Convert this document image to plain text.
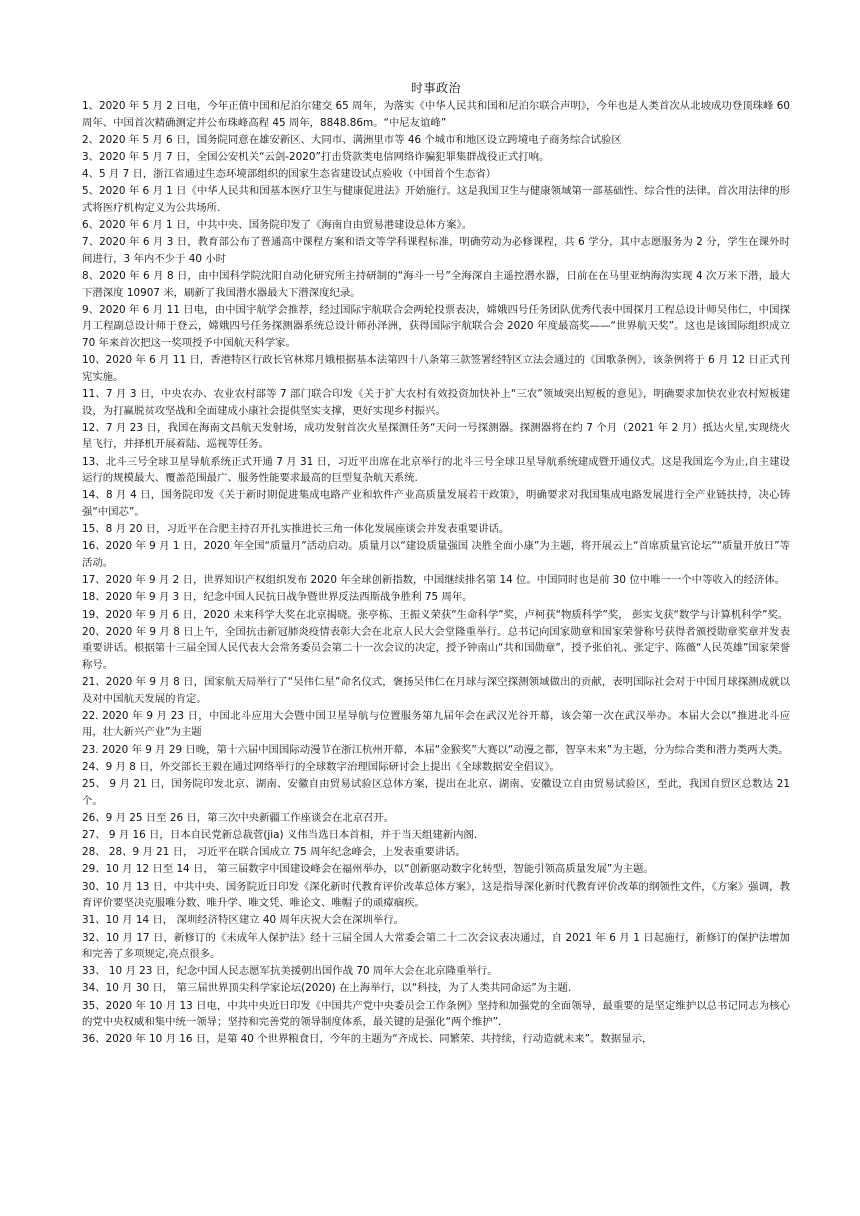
时事政治

1、2020 年 5 月 2 日电，今年正值中国和尼泊尔建交 65 周年，为落实《中华人民共和国和尼泊尔联合声明》，今年也是人类首次从北坡成功登顶珠峰 60 周年、中国首次精确测定并公布珠峰高程 45 周年，8848.86m。“中尼友谊峰”

2、2020 年 5 月 6 日，国务院同意在雄安新区、大同市、满洲里市等 46 个城市和地区设立跨境电子商务综合试验区

3、2020 年 5 月 7 日，全国公安机关“云剑-2020”打击贷款类电信网络诈骗犯罪集群战役正式打响。

4、5 月 7 日，浙江省通过生态环境部组织的国家生态省建设试点验收（中国首个生态省）

5、2020 年 6 月 1 日《中华人民共和国基本医疗卫生与健康促进法》开始施行。这是我国卫生与健康领域第一部基础性、综合性的法律。首次用法律的形式将医疗机构定义为公共场所.

6、2020 年 6 月 1 日，中共中央、国务院印发了《海南自由贸易港建设总体方案》。

7、2020 年 6 月 3 日，教育部公布了普通高中课程方案和语文等学科课程标准，明确劳动为必修课程，共 6 学分，其中志愿服务为 2 分，学生在课外时间进行，3 年内不少于 40 小时

8、2020 年 6 月 8 日，由中国科学院沈阳自动化研究所主持研制的“海斗一号”全海深自主遥控潜水器，日前在在马里亚纳海沟实现 4 次万米下潜，最大下潜深度 10907 米，刷新了我国潜水器最大下潜深度纪录。

9、2020 年 6 月 11 日电，由中国宇航学会推荐，经过国际宇航联合会两轮投票表决，嫦娥四号任务团队优秀代表中国探月工程总设计师吴伟仁，中国探月工程副总设计师于登云，嫦娥四号任务探测器系统总设计师孙泽洲，获得国际宇航联合会 2020 年度最高奖——“世界航天奖”。这也是该国际组织成立 70 年来首次把这一奖项授予中国航天科学家。

10、2020 年 6 月 11 日，香港特区行政长官林郑月娥根据基本法第四十八条第三款签署经特区立法会通过的《国歌条例》，该条例将于 6 月 12 日正式刊宪实施。

11、7 月 3 日，中央农办、农业农村部等 7 部门联合印发《关于扩大农村有效投资加快补上“三农”领域突出短板的意见》，明确要求加快农业农村短板建设，为打赢脱贫攻坚战和全面建成小康社会提供坚实支撑，更好实现乡村振兴。

12、7 月 23 日，我国在海南文昌航天发射场，成功发射首次火星探测任务“天问一号探测器。探测器将在约 7 个月（2021 年 2 月）抵达火星,实现绕火星飞行，并择机开展着陆、巡视等任务。

13、北斗三号全球卫星导航系统正式开通 7 月 31 日，习近平出席在北京举行的北斗三号全球卫星导航系统建成暨开通仪式。这是我国迄今为止,自主建设运行的规模最大、覆盖范围最广、服务性能要求最高的巨型复杂航天系统.

14、8 月 4 日，国务院印发《关于新时期促进集成电路产业和软件产业高质量发展若干政策》，明确要求对我国集成电路发展进行全产业链扶持，决心铸强“中国芯”。

15、8 月 20 日，习近平在合肥主持召开扎实推进长三角一体化发展座谈会并发表重要讲话。

16、2020 年 9 月 1 日，2020 年全国“质量月”活动启动。质量月以“建设质量强国 决胜全面小康”为主题，将开展云上“首席质量官论坛”“质量开放日”等活动。

17、2020 年 9 月 2 日，世界知识产权组织发布 2020 年全球创新指数，中国继续排名第 14 位。中国同时也是前 30 位中唯一一个中等收入的经济体。

18、2020 年 9 月 3 日，纪念中国人民抗日战争暨世界反法西斯战争胜利 75 周年。

19、2020 年 9 月 6 日，2020 未来科学大奖在北京揭晓。张亭栋、王振义荣获“生命科学”奖，卢柯获“物质科学”奖， 彭实戈获“数学与计算机科学”奖。

20、2020 年 9 月 8 日上午，全国抗击新冠肺炎疫情表彰大会在北京人民大会堂隆重举行。总书记向国家勋章和国家荣誉称号获得者颁授勋章奖章并发表重要讲话。根据第十三届全国人民代表大会常务委员会第二十一次会议的决定，授予钟南山“共和国勋章”，授予张伯礼、张定宇、陈薇“人民英雄”国家荣誉称号。

21、2020 年 9 月 8 日，国家航天局举行了“吴伟仁星”命名仪式，褒扬吴伟仁在月球与深空探测领域做出的贡献，表明国际社会对于中国月球探测成就以及对中国航天发展的肯定。

22. 2020 年 9 月 23 日，中国北斗应用大会暨中国卫星导航与位置服务第九届年会在武汉光谷开幕，该会第一次在武汉举办。本届大会以“推进北斗应用，壮大新兴产业”为主题

23. 2020 年 9 月 29 日晚，第十六届中国国际动漫节在浙江杭州开幕，本届“金猴奖”大赛以“动漫之都，智享未来”为主题，分为综合类和潜力类两大类。

24、9 月 8 日，外交部长王毅在通过网络举行的全球数字治理国际研讨会上提出《全球数据安全倡议》。

25、 9 月 21 日，国务院印发北京、湖南、安徽自由贸易试验区总体方案，提出在北京、湖南、安徽设立自由贸易试验区，至此，我国自贸区总数达 21 个。

26、9 月 25 日至 26 日，第三次中央新疆工作座谈会在北京召开。

27、 9 月 16 日，日本自民党新总裁菅(jia) 义伟当选日本首相，并于当天组建新内阁.

28、 28、9 月 21 日， 习近平在联合国成立 75 周年纪念峰会，上发表重要讲话。

29、10 月 12 日至 14 日， 第三届数字中国建设峰会在福州举办，以“创新驱动数字化转型，智能引领高质量发展”为主题。

30、10 月 13 日，中共中央、国务院近日印发《深化新时代教育评价改革总体方案》，这是指导深化新时代教育评价改革的纲领性文件，《方案》强调，教育评价要坚决克服唯分数、唯升学、唯文凭、唯论文、唯帽子的顽瘴痼疾。

31、10 月 14 日， 深圳经济特区建立 40 周年庆祝大会在深圳举行。

32、10 月 17 日，新修订的《未成年人保护法》经十三届全国人大常委会第二十二次会议表决通过，自 2021 年 6 月 1 日起施行，新修订的保护法增加和完善了多项规定,亮点很多。

33、 10 月 23 日，纪念中国人民志愿军抗美援朝出国作战 70 周年大会在北京隆重举行。

34、10 月 30 日， 第三届世界顶尖科学家论坛(2020) 在上海举行，以“科技，为了人类共同命运”为主题.

35、2020 年 10 月 13 日电，中共中央近日印发《中国共产党中央委员会工作条例》坚持和加强党的全面领导，最重要的是坚定维护以总书记同志为核心的党中央权威和集中统一领导；坚持和完善党的领导制度体系，最关键的是强化“两个维护”.

36、2020 年 10 月 16 日，是第 40 个世界粮食日，今年的主题为“齐成长、同繁荣、共持续，行动造就未来”。数据显示，
